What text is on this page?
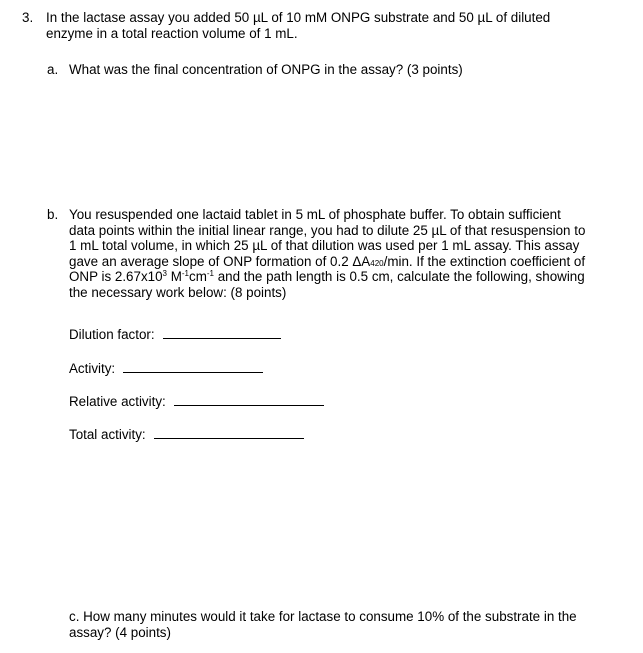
3. In the lactase assay you added 50 µL of 10 mM ONPG substrate and 50 µL of diluted
enzyme in a total reaction volume of 1 mL.
a. What was the final concentration of ONPG in the assay? (3 points)
b. You resuspended one lactaid tablet in 5 mL of phosphate buffer. To obtain sufficient

data points within the initial linear range, you had to dilute 25 µL of that resuspension to

1 mL total volume, in which 25 µL of that dilution was used per 1 mL assay. This assay

gave an average slope of ONP formation of 0.2 ΔA420/min. If the extinction coefficient of

ONP is $2.67x10^3$ $M^{-1}cm^{-1}$ and the path length is 0.5 cm, calculate the following, showing

the necessary work below: (8 points)

Dilution factor:
Activity:
Relative activity:
Total activity:
c. How many minutes would it take for lactase to consume 10% of the substrate in the
assay? (4 points)
